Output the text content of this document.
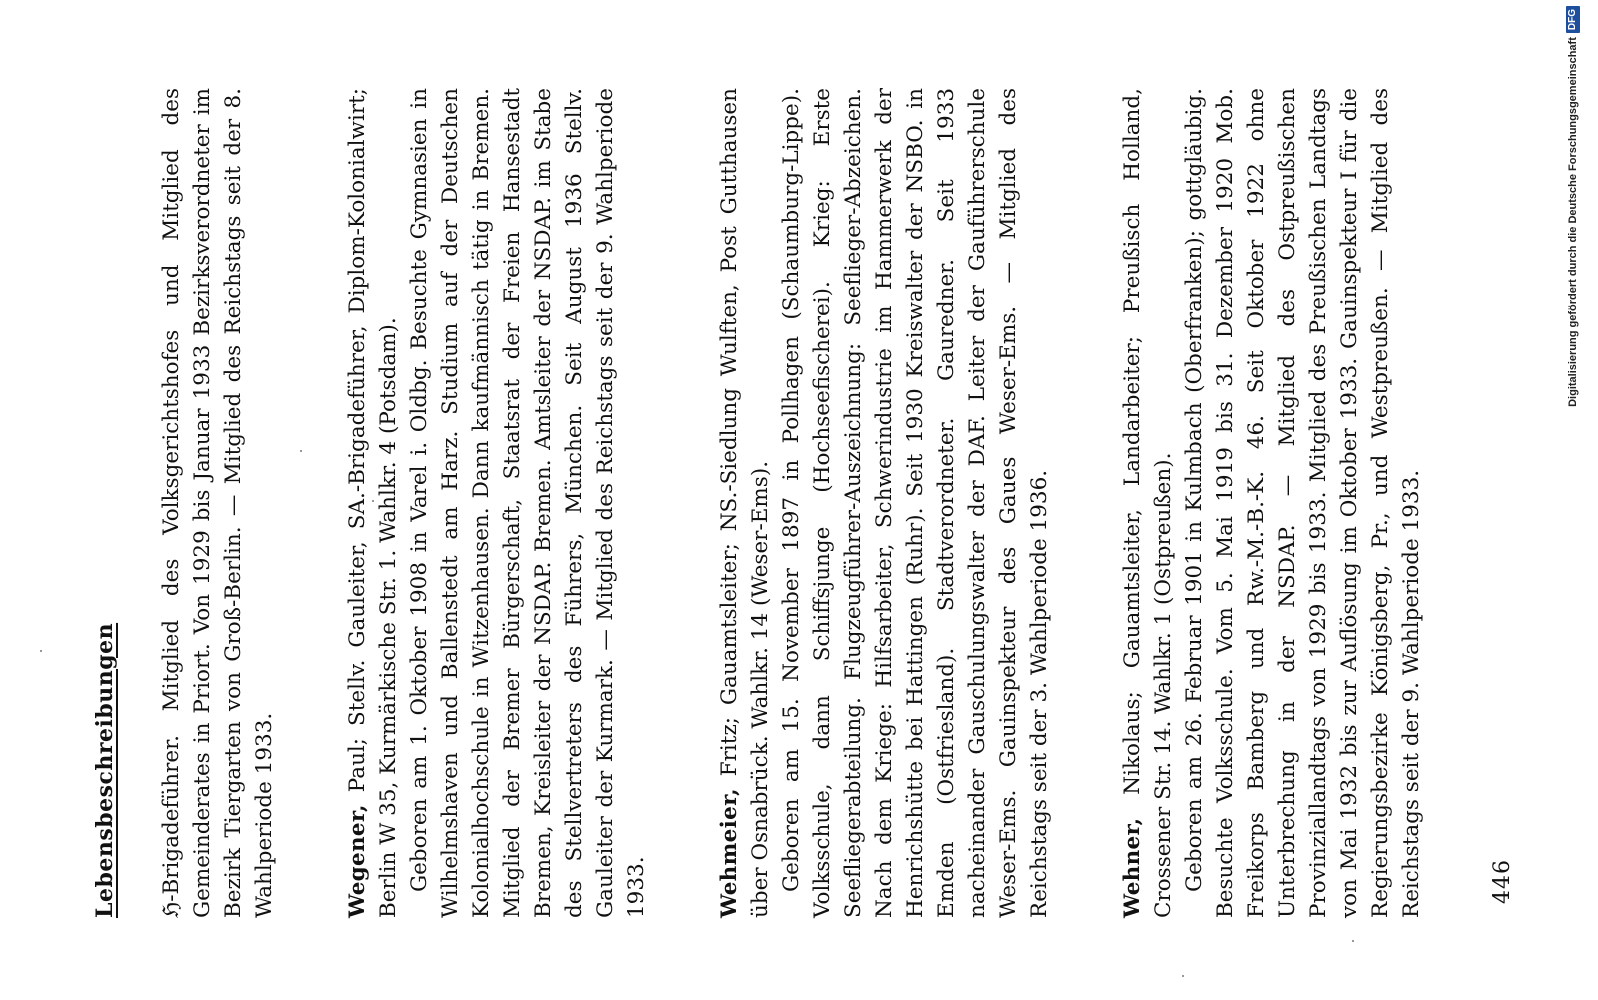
Lebensbeschreibungen ℌ-Brigadeführer. Mitglied des Volksgerichtshofes und Mitglied des Gemeinderates in Priort. Von 1929 bis Januar 1933 Bezirksverordneter im Bezirk Tiergarten von Groß-Berlin. — Mitglied des Reichstags seit der 8. Wahlperiode 1933.	Wegener, Paul; Stellv. Gauleiter, SA.-Brigadeführer, Diplom-Kolonialwirt; Berlin W 35, Kurmärkische Str. 1. Wahlkr. 4 (Potsdam). Geboren am 1. Oktober 1908 in Varel i. Oldbg. Besuchte Gymnasien in Wilhelmshaven und Ballenstedt am Harz. Studium auf der Deutschen Kolonialhochschule in Witzenhausen. Dann kaufmännisch tätig in Bremen. Mitglied der Bremer Bürgerschaft, Staatsrat der Freien Hansestadt Bremen, Kreisleiter der NSDAP. Bremen. Amtsleiter der NSDAP. im Stabe des Stellvertreters des Führers, München. Seit August 1936 Stellv. Gauleiter der Kurmark. — Mitglied des Reichstags seit der 9. Wahlperiode 1933.	Wehmeier, Fritz; Gauamtsleiter; NS.-Siedlung Wulften, Post Gutthausen über Osnabrück. Wahlkr. 14 (Weser-Ems). Geboren am 15. November 1897 in Pollhagen (Schaumburg-Lippe). Volksschule, dann Schiffsjunge (Hochseefischerei). Krieg: Erste Seefliegerabteilung. Flugzeugführer-Auszeichnung: Seeflieger-Abzeichen. Nach dem Kriege: Hilfsarbeiter, Schwerindustrie im Hammerwerk der Henrichshütte bei Hattingen (Ruhr). Seit 1930 Kreiswalter der NSBO. in Emden (Ostfriesland). Stadtverordneter. Gauredner. Seit 1933 nacheinander Gauschulungswalter der DAF. Leiter der Gauführerschule Weser-Ems. Gauinspekteur des Gaues Weser-Ems. — Mitglied des Reichstags seit der 3. Wahlperiode 1936.	Wehner, Nikolaus; Gauamtsleiter, Landarbeiter; Preußisch Holland, Crossener Str. 14. Wahlkr. 1 (Ostpreußen). Geboren am 26. Februar 1901 in Kulmbach (Oberfranken); gottgläubig. Besuchte Volksschule. Vom 5. Mai 1919 bis 31. Dezember 1920 Mob. Freikorps Bamberg und Rw.-M.-B.-K. 46. Seit Oktober 1922 ohne Unterbrechung in der NSDAP. — Mitglied des Ostpreußischen Provinziallandtags von 1929 bis 1933. Mitglied des Preußischen Landtags von Mai 1932 bis zur Auflösung im Oktober 1933. Gauinspekteur I für die Regierungsbezirke Königsberg, Pr., und Westpreußen. — Mitglied des Reichstags seit der 9. Wahlperiode 1933.	446
Digitalisierung gefördert durch die Deutsche Forschungsgemeinschaft
DFG
